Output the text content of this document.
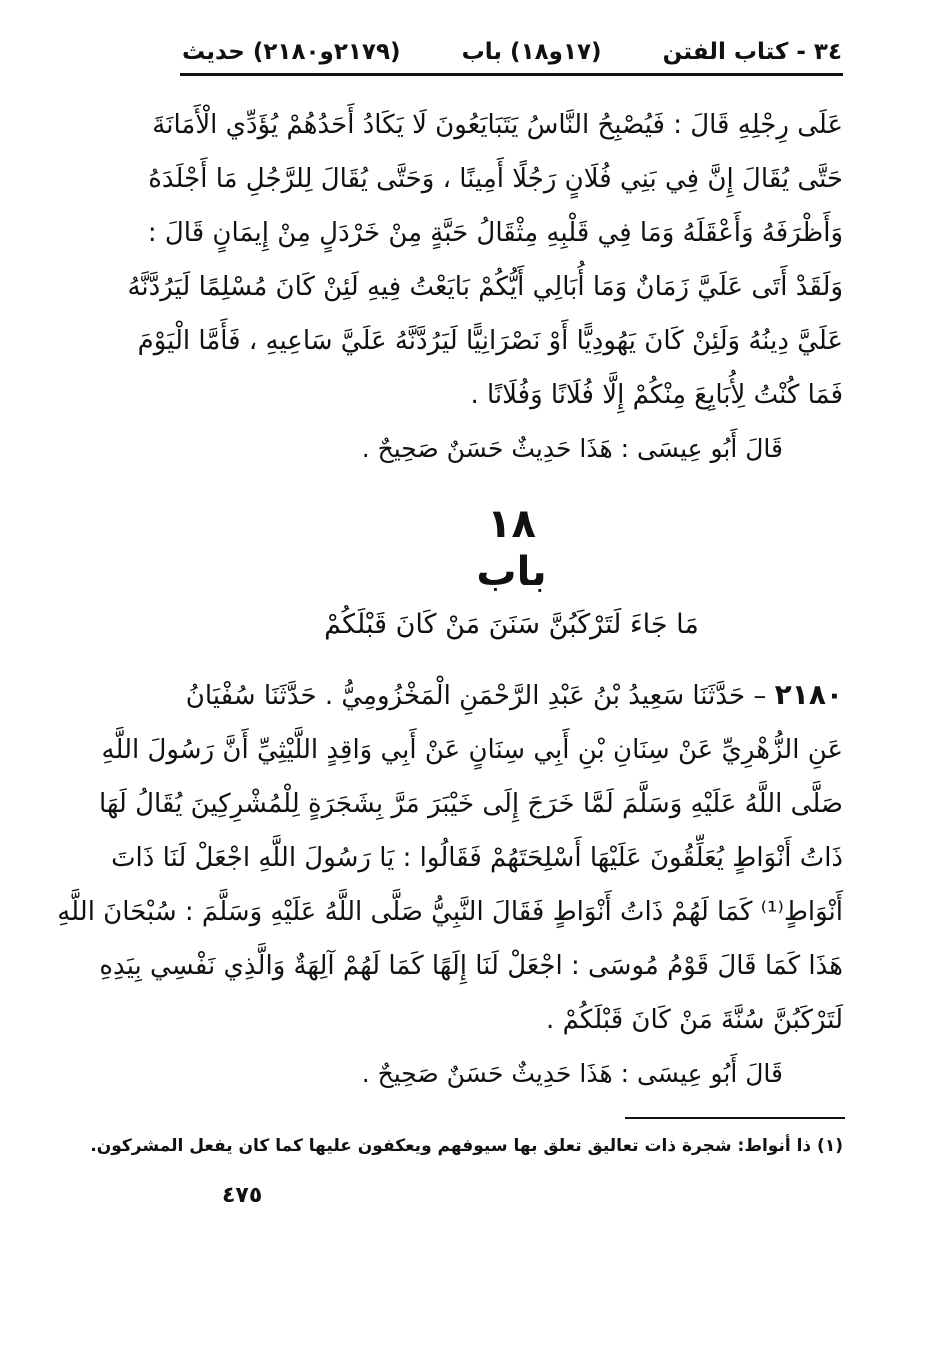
٣٤ - كتاب الفتن
(١٧و١٨) باب
(٢١٧٩و٢١٨٠) حديث
عَلَى رِجْلِهِ قَالَ : فَيُصْبِحُ النَّاسُ يَتَبَايَعُونَ لَا يَكَادُ أَحَدُهُمْ يُؤَدِّي الْأَمَانَةَ
حَتَّى يُقَالَ إِنَّ فِي بَنِي فُلَانٍ رَجُلًا أَمِينًا ، وَحَتَّى يُقَالَ لِلرَّجُلِ مَا أَجْلَدَهُ
وَأَظْرَفَهُ وَأَعْقَلَهُ وَمَا فِي قَلْبِهِ مِثْقَالُ حَبَّةٍ مِنْ خَرْدَلٍ مِنْ إِيمَانٍ قَالَ :
وَلَقَدْ أَتَى عَلَيَّ زَمَانٌ وَمَا أُبَالِي أَيُّكُمْ بَايَعْتُ فِيهِ لَئِنْ كَانَ مُسْلِمًا لَيَرُدَّنَّهُ
عَلَيَّ دِينُهُ وَلَئِنْ كَانَ يَهُودِيًّا أَوْ نَصْرَانِيًّا لَيَرُدَّنَّهُ عَلَيَّ سَاعِيهِ ، فَأَمَّا الْيَوْمَ
فَمَا كُنْتُ لِأُبَايِعَ مِنْكُمْ إِلَّا فُلَانًا وَفُلَانًا .
قَالَ أَبُو عِيسَى : هَذَا حَدِيثٌ حَسَنٌ صَحِيحٌ .
١٨
باب
مَا جَاءَ لَتَرْكَبُنَّ سَنَنَ مَنْ كَانَ قَبْلَكُمْ
٢١٨٠ – حَدَّثَنَا سَعِيدُ بْنُ عَبْدِ الرَّحْمَنِ الْمَخْزُومِيُّ . حَدَّثَنَا سُفْيَانُ
عَنِ الزُّهْرِيِّ عَنْ سِنَانِ بْنِ أَبِي سِنَانٍ عَنْ أَبِي وَاقِدٍ اللَّيْثِيِّ أَنَّ رَسُولَ اللَّهِ
صَلَّى اللَّهُ عَلَيْهِ وَسَلَّمَ لَمَّا خَرَجَ إِلَى خَيْبَرَ مَرَّ بِشَجَرَةٍ لِلْمُشْرِكِينَ يُقَالُ لَهَا
ذَاتُ أَنْوَاطٍ يُعَلِّقُونَ عَلَيْهَا أَسْلِحَتَهُمْ فَقَالُوا : يَا رَسُولَ اللَّهِ اجْعَلْ لَنَا ذَاتَ
أَنْوَاطٍ⁽¹⁾ كَمَا لَهُمْ ذَاتُ أَنْوَاطٍ فَقَالَ النَّبِيُّ صَلَّى اللَّهُ عَلَيْهِ وَسَلَّمَ : سُبْحَانَ اللَّهِ
هَذَا كَمَا قَالَ قَوْمُ مُوسَى : اجْعَلْ لَنَا إِلَهًا كَمَا لَهُمْ آلِهَةٌ وَالَّذِي نَفْسِي بِيَدِهِ
لَتَرْكَبُنَّ سُنَّةَ مَنْ كَانَ قَبْلَكُمْ .
قَالَ أَبُو عِيسَى : هَذَا حَدِيثٌ حَسَنٌ صَحِيحٌ .
(١) ذا أنواط: شجرة ذات تعاليق تعلق بها سيوفهم ويعكفون عليها كما كان يفعل المشركون.
٤٧٥
